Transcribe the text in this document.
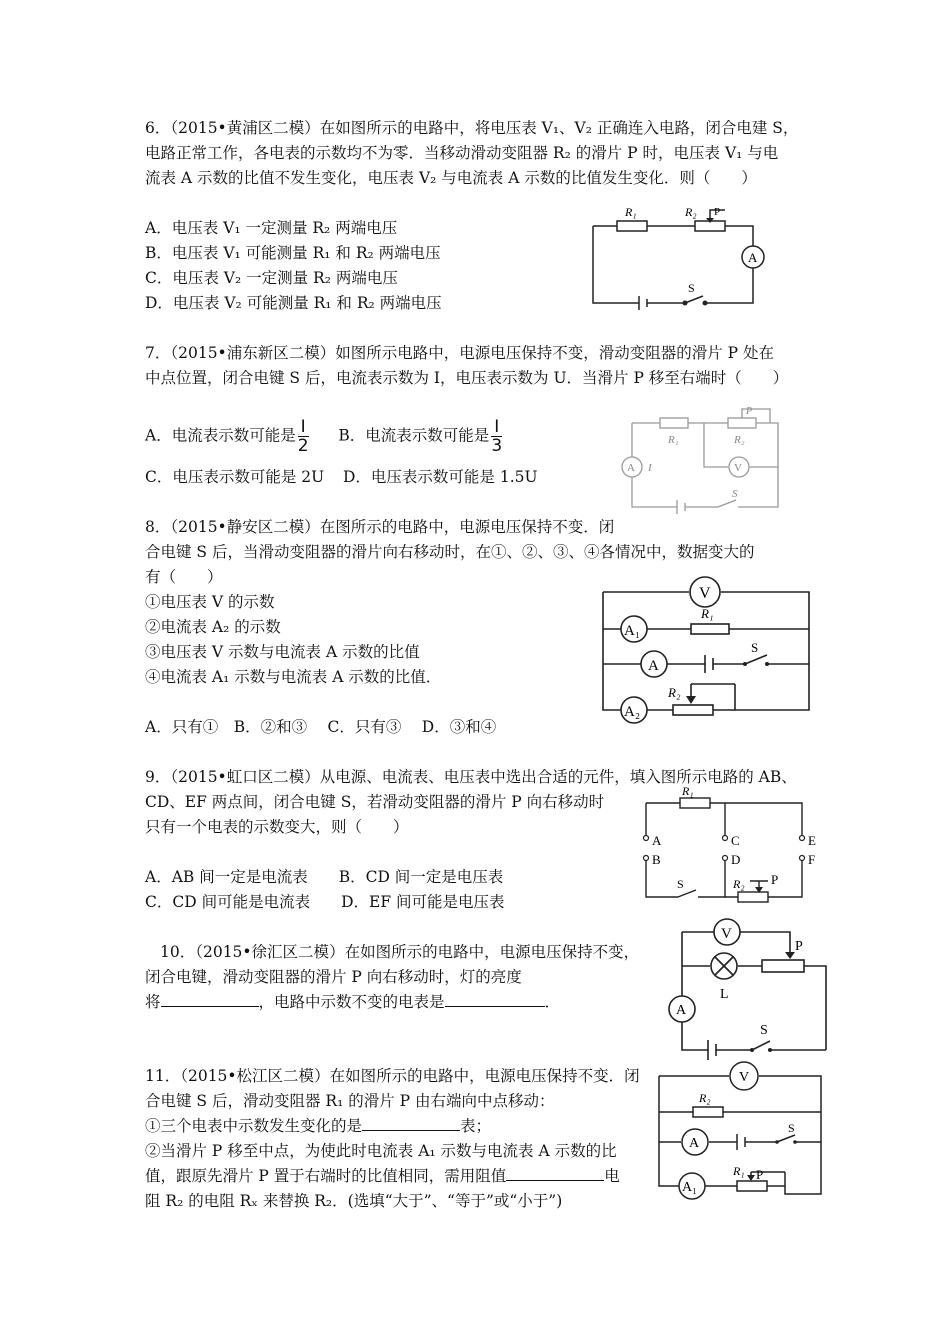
6．（2015•黄浦区二模）在如图所示的电路中，将电压表 V₁、V₂ 正确连入电路，闭合电建 S，
电路正常工作，各电表的示数均不为零．当移动滑动变阻器 R₂ 的滑片 P 时，电压表 V₁ 与电
流表 A 示数的比值不发生变化，电压表 V₂ 与电流表 A 示数的比值发生变化．则（　　）
A．电压表 V₁ 一定测量 R₂ 两端电压
B．电压表 V₁ 可能测量 R₁ 和 R₂ 两端电压
C．电压表 V₂ 一定测量 R₂ 两端电压
D．电压表 V₂ 可能测量 R₁ 和 R₂ 两端电压
R₁	R₂ P
A
S
7．（2015•浦东新区二模）如图所示电路中，电源电压保持不变，滑动变阻器的滑片 P 处在
中点位置，闭合电键 S 后，电流表示数为 I，电压表示数为 U．当滑片 P 移至右端时（　　）
A．电流表示数可能是 $\frac{I}{2}$ B．电流表示数可能是 $\frac{I}{3}$
C．电压表示数可能是 2U D．电压表示数可能是 1.5U
P
R₁	R₂
A I	V
S
8．（2015•静安区二模）在图所示的电路中，电源电压保持不变．闭
合电键 S 后，当滑动变阻器的滑片向右移动时，在①、②、③、④各情况中，数据变大的
有（　　）
①电压表 V 的示数
②电流表 A₂ 的示数
③电压表 V 示数与电流表 A 示数的比值
④电流表 A₁ 示数与电流表 A 示数的比值．
A．只有①　B．②和③　 C．只有③　 D．③和④
V
A₁
R₁
A
S
R₂
A₂
9．（2015•虹口区二模）从电源、电流表、电压表中选出合适的元件，填入图所示电路的 AB、
CD、EF 两点间，闭合电键 S，若滑动变阻器的滑片 P 向右移动时
只有一个电表的示数变大，则（　　）
A．AB 间一定是电流表　　B．CD 间一定是电压表
C．CD 间可能是电流表　　D．EF 间可能是电压表
R₁
A
B
C
D
E
F
S	R₂ P
10．（2015•徐汇区二模）在如图所示的电路中，电源电压保持不变，
闭合电键，滑动变阻器的滑片 P 向右移动时，灯的亮度
将	，电路中示数不变的电表是	．
V
P
L
A
S
11．（2015•松江区二模）在如图所示的电路中，电源电压保持不变．闭
合电键 S 后，滑动变阻器 R₁ 的滑片 P 由右端向中点移动：
①三个电表中示数发生变化的是	表；
②当滑片 P 移至中点，为使此时电流表 A₁ 示数与电流表 A 示数的比
值，跟原先滑片 P 置于右端时的比值相同，需用阻值	电
阻 R₂ 的电阻 Rₓ 来替换 R₂．(选填“大于”、“等于”或“小于”)
V
R₂
A
S
R₁ P
A₁
